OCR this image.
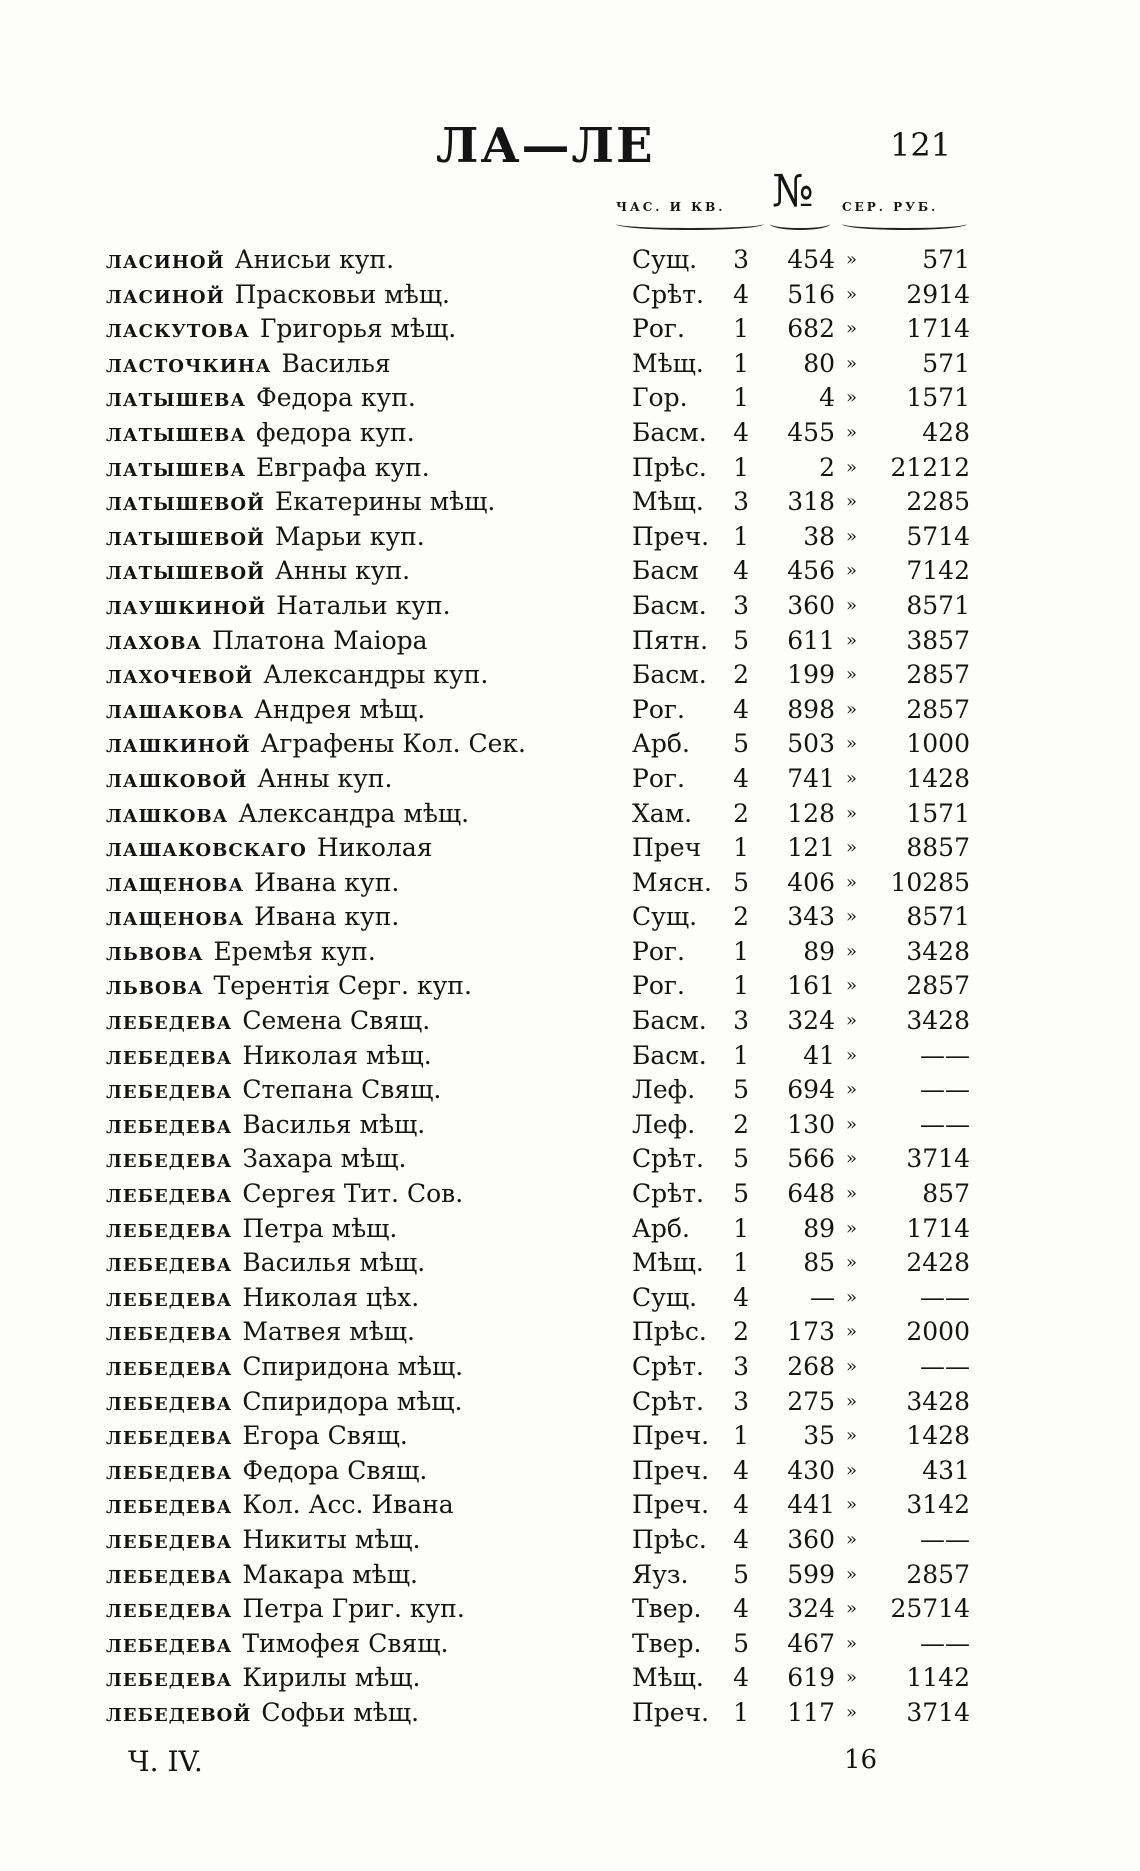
ЛА—ЛЕ	121
ЧАС. И КВ.	№ СЕР. РУБ.
ласиной Анисьи куп.	Сущ.	3	454 »	571
ласиной Прасковьи мѣщ.	Срѣт.	4	516 »	2914
ласкутова Григорья мѣщ.	Рог.	1	682 »	1714
ласточкина Василья	Мѣщ.	1	80 »	571
латышева Федора куп.	Гор.	1	4 »	1571
латышева федора куп.	Басм.	4	455 »	428
латышева Евграфа куп.	Прѣс.	1	2 »	21212
латышевой Екатерины мѣщ.	Мѣщ.	3	318 »	2285
латышевой Марьи куп.	Преч. 1	38 »	5714
латышевой Анны куп.	Басм	4	456 »	7142
лаушкиной Натальи куп.	Басм.	3	360 »	8571
лахова Платона Маіора	Пятн.	5	611 »	3857
лахочевой Александры куп.	Басм.	2	199 »	2857
лашакова Андрея мѣщ.	Рог.	4	898 »	2857
лашкиной Аграфены Кол. Сек.	Арб.	5	503 »	1000
лашковой Анны куп.	Рог.	4	741 »	1428
лашкова Александра мѣщ.	Хам.	2	128 »	1571
лашаковскаго Николая	Преч	1	121 »	8857
лащенова Ивана куп.	Мясн. 5	406 »	10285
лащенова Ивана куп.	Сущ.	2	343 »	8571
львова Еремѣя куп.	Рог.	1	89 »	3428
львова Терентія Серг. куп.	Рог.	1	161 »	2857
лебедева Семена Свящ.	Басм.	3	324 »	3428
лебедева Николая мѣщ.	Басм.	1	41 »	——
лебедева Степана Свящ.	Леф.	5	694 »	——
лебедева Василья мѣщ.	Леф.	2	130 »	——
лебедева Захара мѣщ.	Срѣт.	5	566 »	3714
лебедева Сергея Тит. Сов.	Срѣт.	5	648 »	857
лебедева Петра мѣщ.	Арб.	1	89 »	1714
лебедева Василья мѣщ.	Мѣщ.	1	85 »	2428
лебедева Николая цѣх.	Сущ.	4	— »	——
лебедева Матвея мѣщ.	Прѣс.	2	173 »	2000
лебедева Спиридона мѣщ.	Срѣт.	3	268 »	——
лебедева Спиридора мѣщ.	Срѣт.	3	275 »	3428
лебедева Егора Свящ.	Преч. 1	35 »	1428
лебедева Федора Свящ.	Преч. 4	430 »	431
лебедева Кол. Асс. Ивана	Преч. 4	441 »	3142
лебедева Никиты мѣщ.	Прѣс.	4	360 »	——
лебедева Макара мѣщ.	Яуз.	5	599 »	2857
лебедева Петра Григ. куп.	Твер.	4	324 »	25714
лебедева Тимофея Свящ.	Твер.	5	467 »	——
лебедева Кирилы мѣщ.	Мѣщ.	4	619 »	1142
лебедевой Софьи мѣщ.	Преч. 1	117 »	3714
Ч. IV.	16
